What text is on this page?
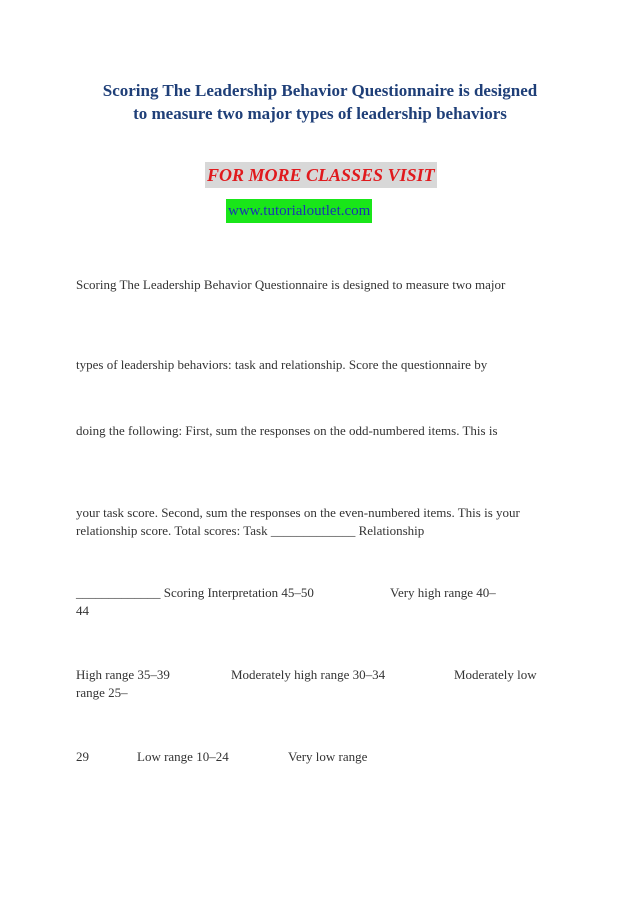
Scoring The Leadership Behavior Questionnaire is designed to measure two major types of leadership behaviors
FOR MORE CLASSES VISIT
www.tutorialoutlet.com
Scoring The Leadership Behavior Questionnaire is designed to measure two major
types of leadership behaviors: task and relationship. Score the questionnaire by
doing the following: First, sum the responses on the odd-numbered items. This is
your task score. Second, sum the responses on the even-numbered items. This is your relationship score. Total scores: Task _____________ Relationship
_____________ Scoring Interpretation 45–50	Very high range 40–
44
High range 35–39	Moderately high range 30–34	Moderately low
range 25–
29	Low range 10–24	Very low range
